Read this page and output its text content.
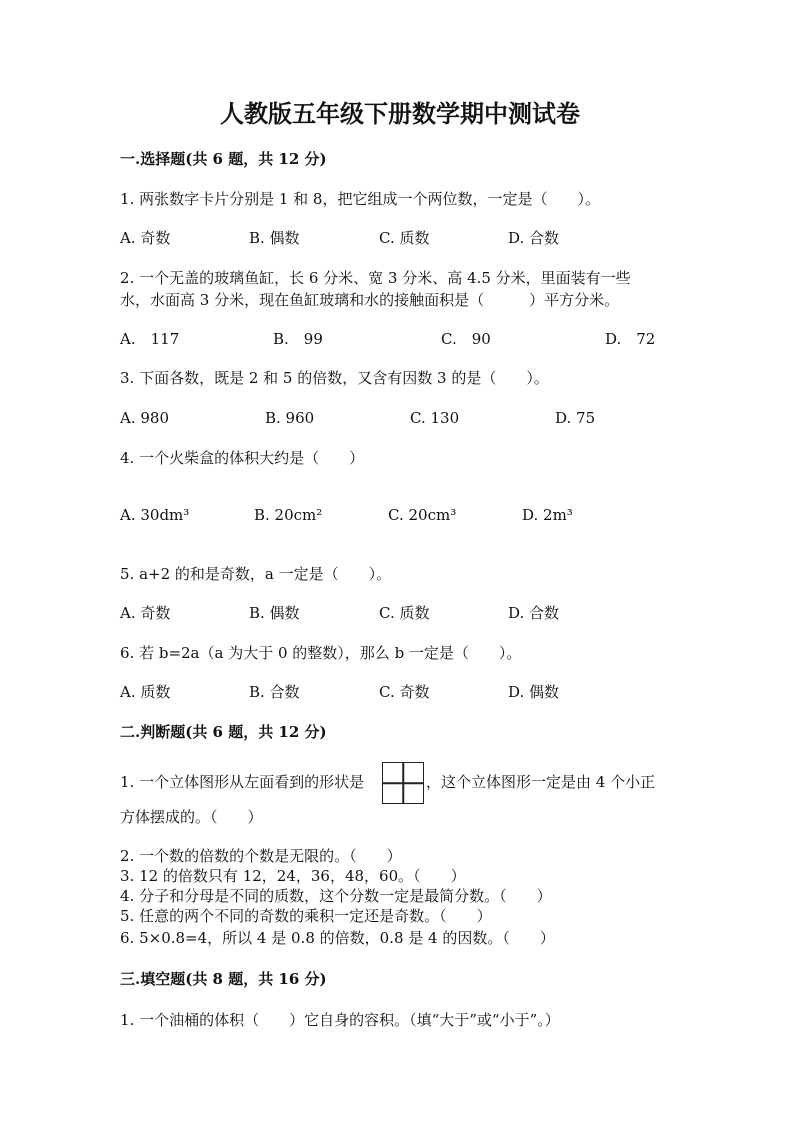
人教版五年级下册数学期中测试卷
一.选择题(共 6 题，共 12 分)
1. 两张数字卡片分别是 1 和 8，把它组成一个两位数，一定是（　　）。
A. 奇数	B. 偶数	C. 质数	D. 合数
2. 一个无盖的玻璃鱼缸，长 6 分米、宽 3 分米、高 4.5 分米，里面装有一些
水，水面高 3 分米，现在鱼缸玻璃和水的接触面积是（　　　）平方分米。
A.　117	B.　99	C.　90	D.　72
3. 下面各数，既是 2 和 5 的倍数，又含有因数 3 的是（　　）。
A. 980	B. 960	C. 130	D. 75
4. 一个火柴盒的体积大约是（　　）
A. 30dm³	B. 20cm²	C. 20cm³	D. 2m³
5. a+2 的和是奇数，a 一定是（　　）。
A. 奇数	B. 偶数	C. 质数	D. 合数
6. 若 b=2a（a 为大于 0 的整数），那么 b 一定是（　　）。
A. 质数	B. 合数	C. 奇数	D. 偶数
二.判断题(共 6 题，共 12 分)
1. 一个立体图形从左面看到的形状是	，这个立体图形一定是由 4 个小正
方体摆成的。（　　）
2. 一个数的倍数的个数是无限的。（　　）
3. 12 的倍数只有 12，24，36，48，60。（　　）
4. 分子和分母是不同的质数，这个分数一定是最简分数。（　　）
5. 任意的两个不同的奇数的乘积一定还是奇数。（　　）
6. 5×0.8=4，所以 4 是 0.8 的倍数，0.8 是 4 的因数。（　　）
三.填空题(共 8 题，共 16 分)
1. 一个油桶的体积（　　）它自身的容积。（填“大于”或“小于”。）
